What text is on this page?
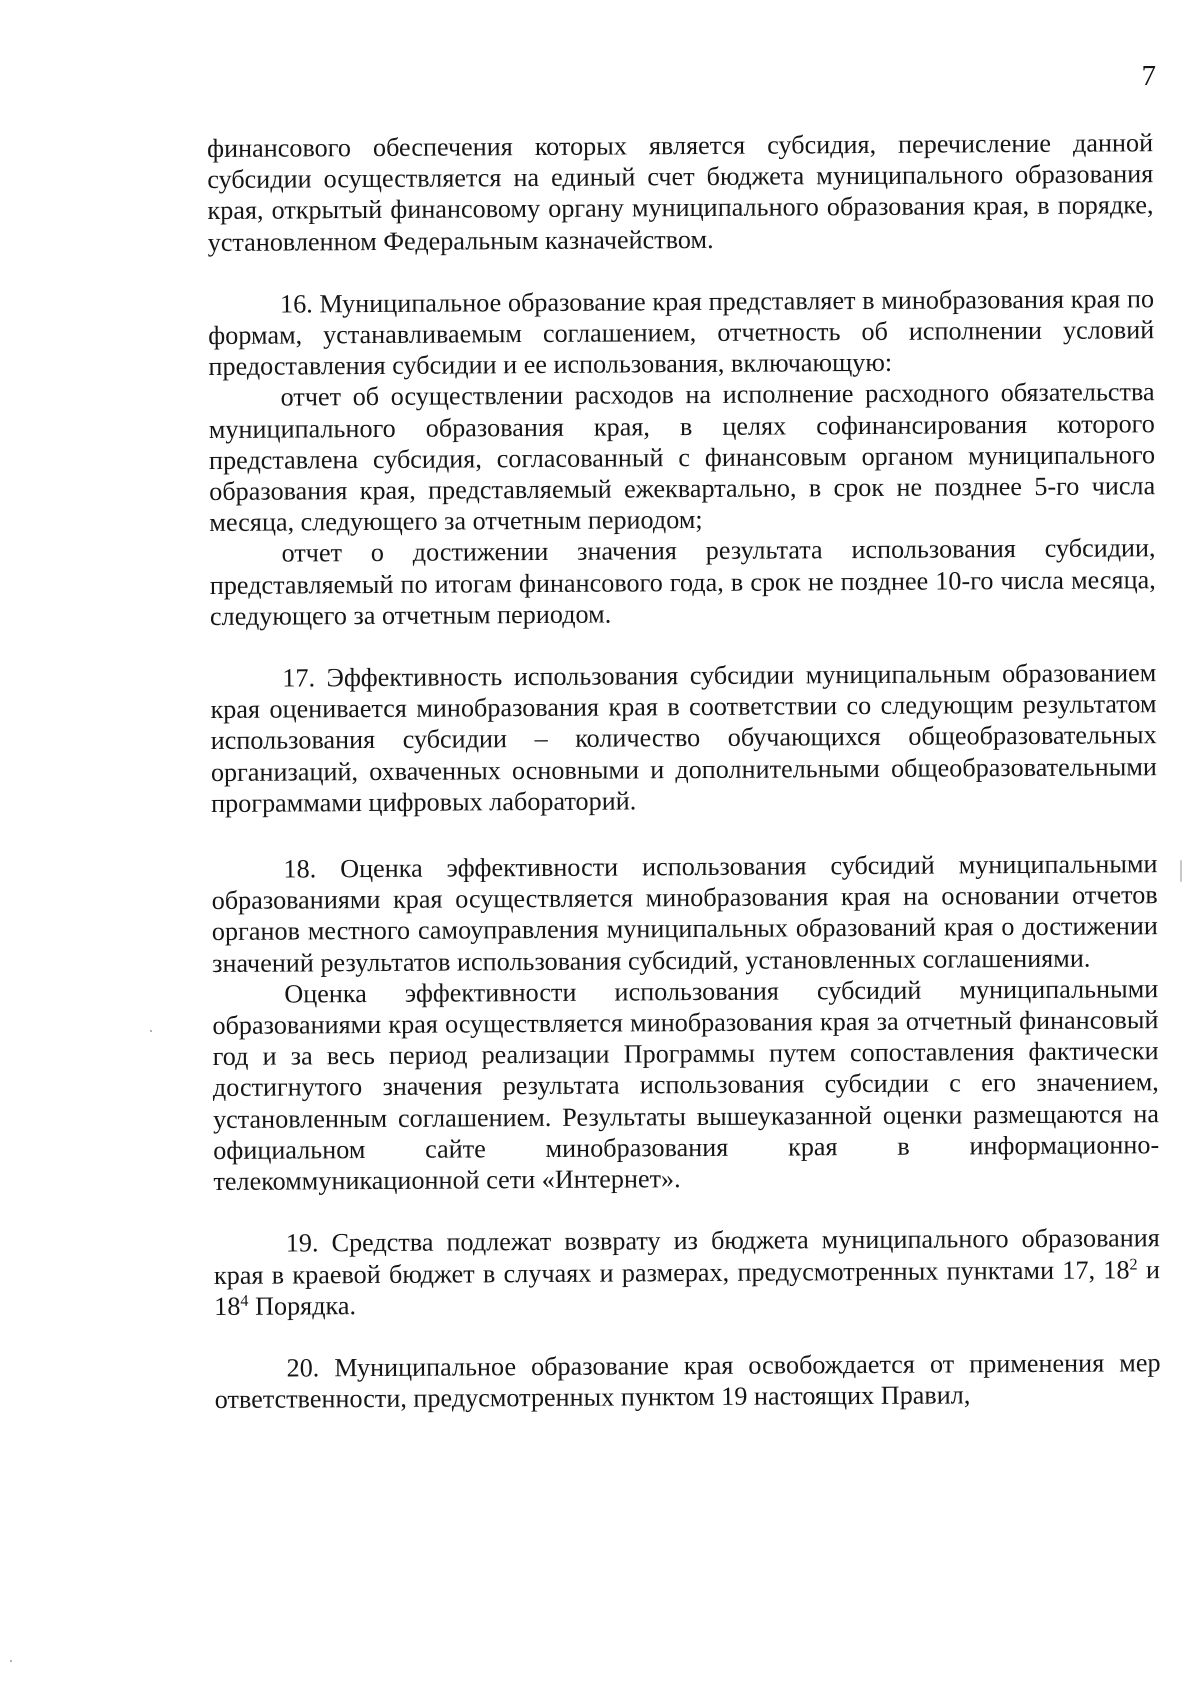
7

финансового обеспечения которых является субсидия, перечисление данной субсидии осуществляется на единый счет бюджета муниципального образования края, открытый финансовому органу муниципального образования края, в порядке, установленном Федеральным казначейством.

16. Муниципальное образование края представляет в минобразования края по формам, устанавливаемым соглашением, отчетность об исполнении условий предоставления субсидии и ее использования, включающую:

отчет об осуществлении расходов на исполнение расходного обязательства муниципального образования края, в целях софинансирования которого представлена субсидия, согласованный с финансовым органом муниципального образования края, представляемый ежеквартально, в срок не позднее 5-го числа месяца, следующего за отчетным периодом;

отчет о достижении значения результата использования субсидии, представляемый по итогам финансового года, в срок не позднее 10-го числа месяца, следующего за отчетным периодом.

17. Эффективность использования субсидии муниципальным образованием края оценивается минобразования края в соответствии со следующим результатом использования субсидии – количество обучающихся общеобразовательных организаций, охваченных основными и дополнительными общеобразовательными программами цифровых лабораторий.

18. Оценка эффективности использования субсидий муниципальными образованиями края осуществляется минобразования края на основании отчетов органов местного самоуправления муниципальных образований края о достижении значений результатов использования субсидий, установленных соглашениями.

Оценка эффективности использования субсидий муниципальными образованиями края осуществляется минобразования края за отчетный финансовый год и за весь период реализации Программы путем сопоставления фактически достигнутого значения результата использования субсидии с его значением, установленным соглашением. Результаты вышеуказанной оценки размещаются на официальном сайте минобразования края в информационно-телекоммуникационной сети «Интернет».

19. Средства подлежат возврату из бюджета муниципального образования края в краевой бюджет в случаях и размерах, предусмотренных пунктами 17, $18^2$ и $18^4$ Порядка.

20. Муниципальное образование края освобождается от применения мер ответственности, предусмотренных пунктом 19 настоящих Правил,
